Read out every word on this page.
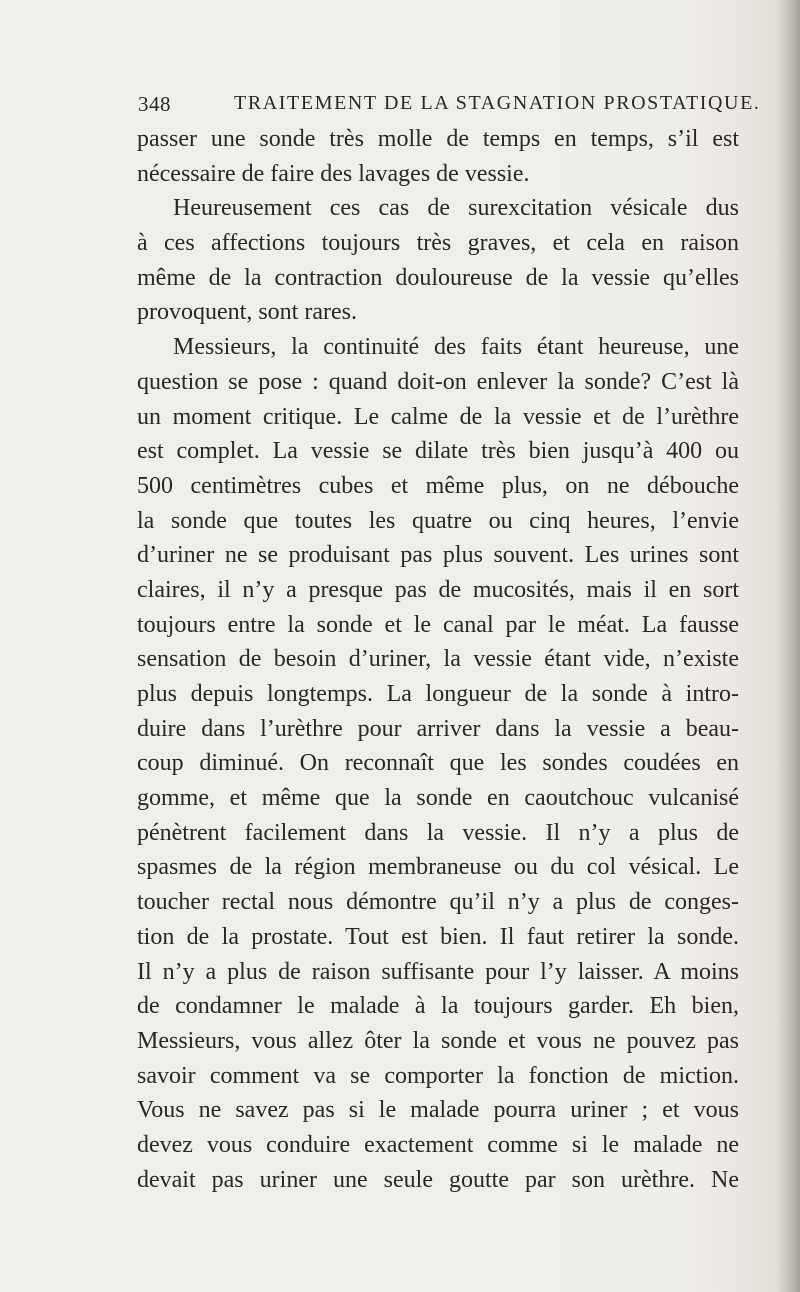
348	TRAITEMENT DE LA STAGNATION PROSTATIQUE.
passer une sonde très molle de temps en temps, s’il est
nécessaire de faire des lavages de vessie.
Heureusement ces cas de surexcitation vésicale dus
à ces affections toujours très graves, et cela en raison
même de la contraction douloureuse de la vessie qu’elles
provoquent, sont rares.
Messieurs, la continuité des faits étant heureuse, une
question se pose : quand doit-on enlever la sonde? C’est là
un moment critique. Le calme de la vessie et de l’urèthre
est complet. La vessie se dilate très bien jusqu’à 400 ou
500 centimètres cubes et même plus, on ne débouche
la sonde que toutes les quatre ou cinq heures, l’envie
d’uriner ne se produisant pas plus souvent. Les urines sont
claires, il n’y a presque pas de mucosités, mais il en sort
toujours entre la sonde et le canal par le méat. La fausse
sensation de besoin d’uriner, la vessie étant vide, n’existe
plus depuis longtemps. La longueur de la sonde à intro-
duire dans l’urèthre pour arriver dans la vessie a beau-
coup diminué. On reconnaît que les sondes coudées en
gomme, et même que la sonde en caoutchouc vulcanisé
pénètrent facilement dans la vessie. Il n’y a plus de
spasmes de la région membraneuse ou du col vésical. Le
toucher rectal nous démontre qu’il n’y a plus de conges-
tion de la prostate. Tout est bien. Il faut retirer la sonde.
Il n’y a plus de raison suffisante pour l’y laisser. A moins
de condamner le malade à la toujours garder. Eh bien,
Messieurs, vous allez ôter la sonde et vous ne pouvez pas
savoir comment va se comporter la fonction de miction.
Vous ne savez pas si le malade pourra uriner ; et vous
devez vous conduire exactement comme si le malade ne
devait pas uriner une seule goutte par son urèthre. Ne
